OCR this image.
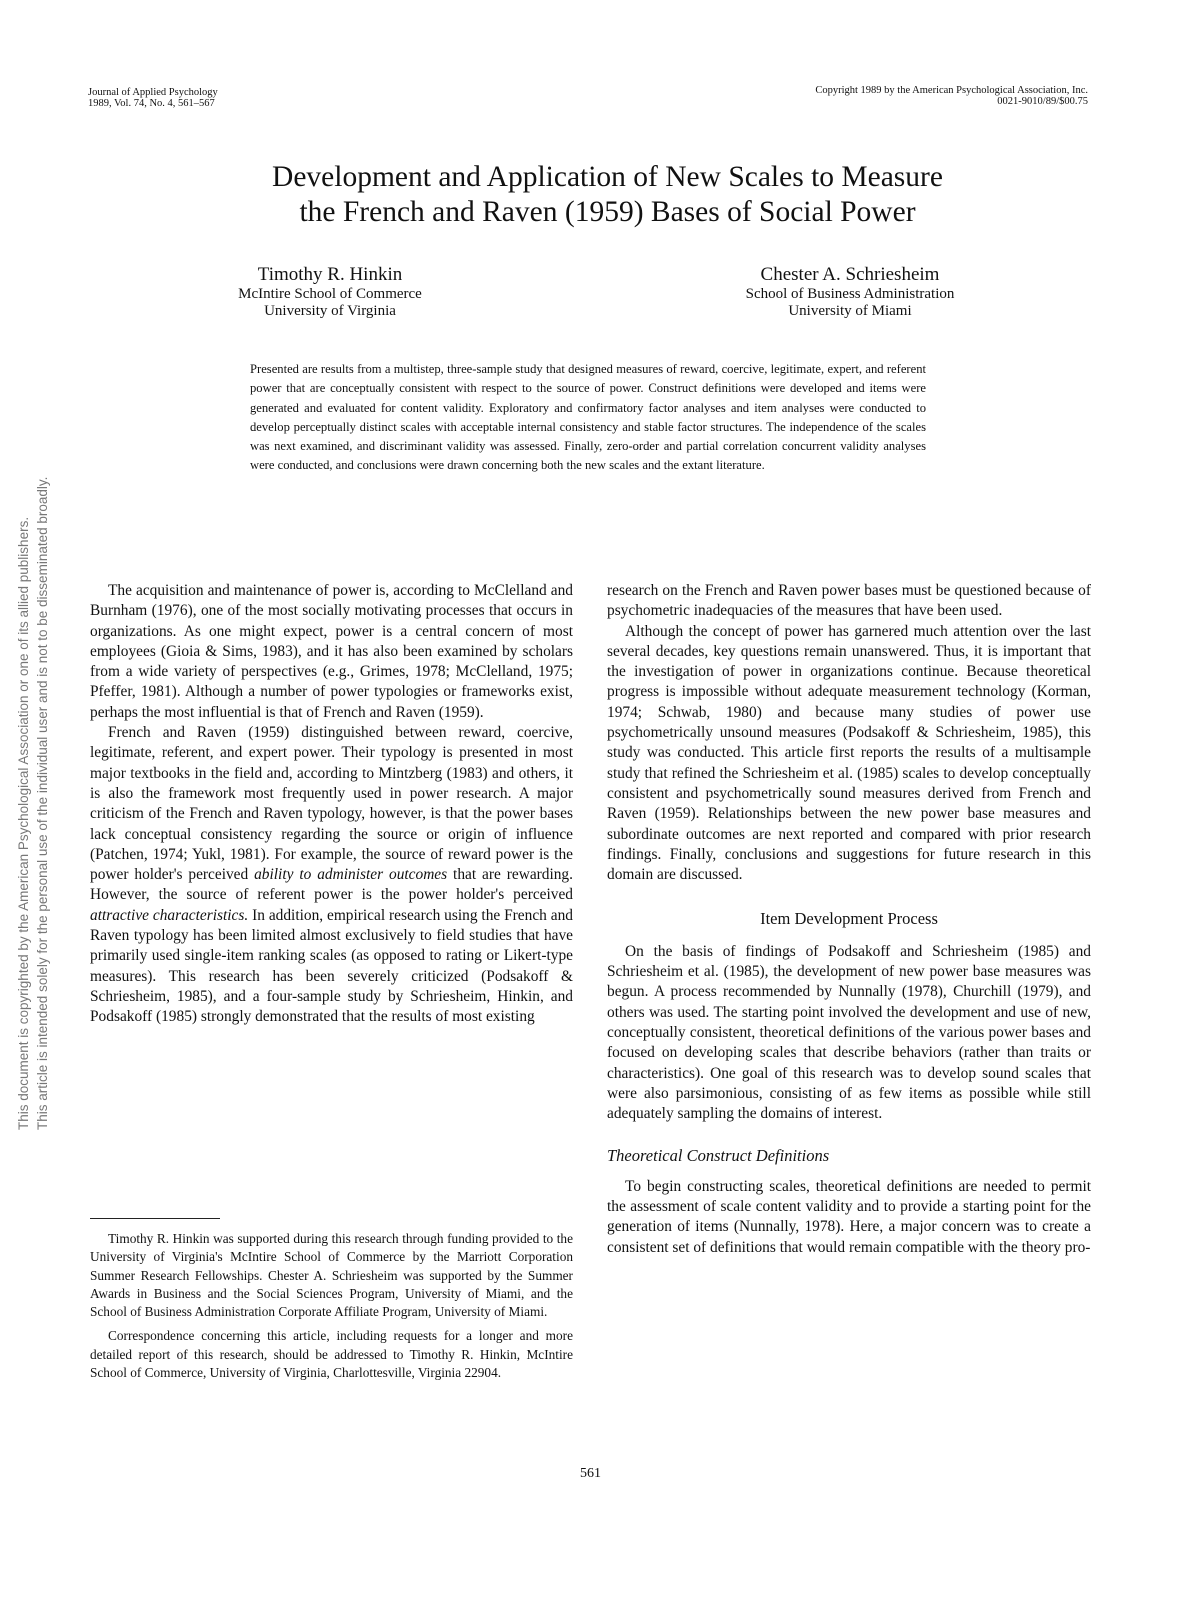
Journal of Applied Psychology
1989, Vol. 74, No. 4, 561–567
Copyright 1989 by the American Psychological Association, Inc.
0021-9010/89/$00.75
Development and Application of New Scales to Measure
the French and Raven (1959) Bases of Social Power
Timothy R. Hinkin
McIntire School of Commerce
University of Virginia
Chester A. Schriesheim
School of Business Administration
University of Miami
Presented are results from a multistep, three-sample study that designed measures of reward, coercive, legitimate, expert, and referent power that are conceptually consistent with respect to the source of power. Construct definitions were developed and items were generated and evaluated for content validity. Exploratory and confirmatory factor analyses and item analyses were conducted to develop perceptually distinct scales with acceptable internal consistency and stable factor structures. The independence of the scales was next examined, and discriminant validity was assessed. Finally, zero-order and partial correlation concurrent validity analyses were conducted, and conclusions were drawn concerning both the new scales and the extant literature.
This document is copyrighted by the American Psychological Association or one of its allied publishers. This article is intended solely for the personal use of the individual user and is not to be disseminated broadly.	The acquisition and maintenance of power is, according to McClelland and Burnham (1976), one of the most socially motivating processes that occurs in organizations. As one might expect, power is a central concern of most employees (Gioia & Sims, 1983), and it has also been examined by scholars from a wide variety of perspectives (e.g., Grimes, 1978; McClelland, 1975; Pfeffer, 1981). Although a number of power typologies or frameworks exist, perhaps the most influential is that of French and Raven (1959).

French and Raven (1959) distinguished between reward, coercive, legitimate, referent, and expert power. Their typology is presented in most major textbooks in the field and, according to Mintzberg (1983) and others, it is also the framework most frequently used in power research. A major criticism of the French and Raven typology, however, is that the power bases lack conceptual consistency regarding the source or origin of influence (Patchen, 1974; Yukl, 1981). For example, the source of reward power is the power holder's perceived ability to administer outcomes that are rewarding. However, the source of referent power is the power holder's perceived attractive characteristics. In addition, empirical research using the French and Raven typology has been limited almost exclusively to field studies that have primarily used single-item ranking scales (as opposed to rating or Likert-type measures). This research has been severely criticized (Podsakoff & Schriesheim, 1985), and a four-sample study by Schriesheim, Hinkin, and Podsakoff (1985) strongly demonstrated that the results of most existing

research on the French and Raven power bases must be questioned because of psychometric inadequacies of the measures that have been used.

Although the concept of power has garnered much attention over the last several decades, key questions remain unanswered. Thus, it is important that the investigation of power in organizations continue. Because theoretical progress is impossible without adequate measurement technology (Korman, 1974; Schwab, 1980) and because many studies of power use psychometrically unsound measures (Podsakoff & Schriesheim, 1985), this study was conducted. This article first reports the results of a multisample study that refined the Schriesheim et al. (1985) scales to develop conceptually consistent and psychometrically sound measures derived from French and Raven (1959). Relationships between the new power base measures and subordinate outcomes are next reported and compared with prior research findings. Finally, conclusions and suggestions for future research in this domain are discussed.

Item Development Process

On the basis of findings of Podsakoff and Schriesheim (1985) and Schriesheim et al. (1985), the development of new power base measures was begun. A process recommended by Nunnally (1978), Churchill (1979), and others was used. The starting point involved the development and use of new, conceptually consistent, theoretical definitions of the various power bases and focused on developing scales that describe behaviors (rather than traits or characteristics). One goal of this research was to develop sound scales that were also parsimonious, consisting of as few items as possible while still adequately sampling the domains of interest.

Theoretical Construct Definitions

To begin constructing scales, theoretical definitions are needed to permit the assessment of scale content validity and to provide a starting point for the generation of items (Nunnally, 1978). Here, a major concern was to create a consistent set of definitions that would remain compatible with the theory pro-

Timothy R. Hinkin was supported during this research through funding provided to the University of Virginia's McIntire School of Commerce by the Marriott Corporation Summer Research Fellowships. Chester A. Schriesheim was supported by the Summer Awards in Business and the Social Sciences Program, University of Miami, and the School of Business Administration Corporate Affiliate Program, University of Miami.

Correspondence concerning this article, including requests for a longer and more detailed report of this research, should be addressed to Timothy R. Hinkin, McIntire School of Commerce, University of Virginia, Charlottesville, Virginia 22904.

561
